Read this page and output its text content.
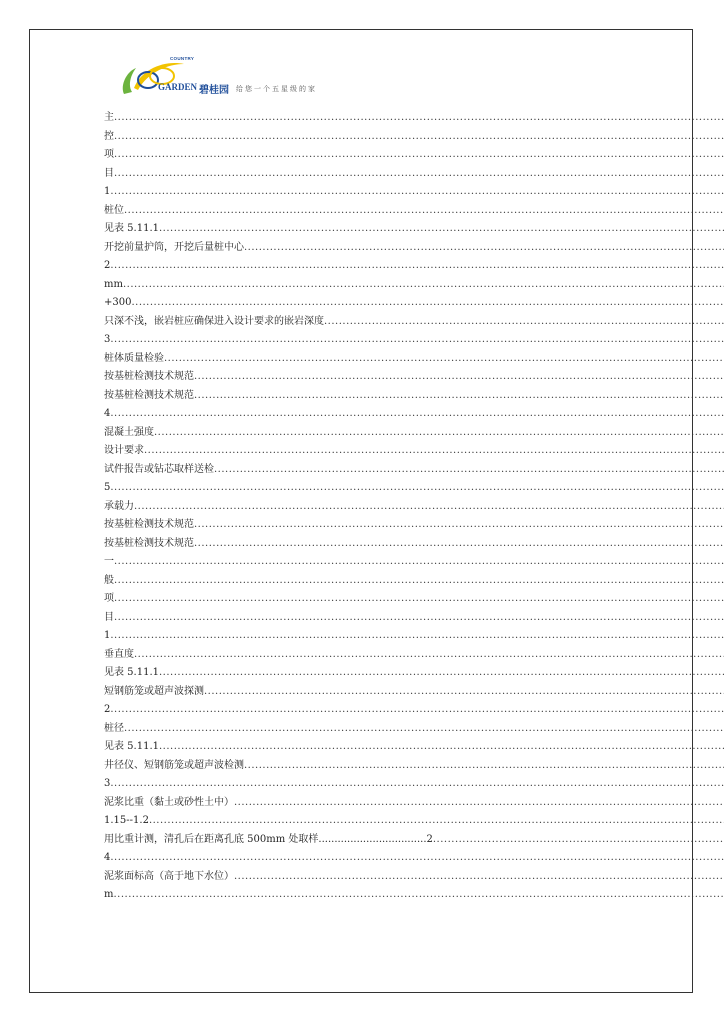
COUNTRY
GARDEN 碧桂园 给您一个五星级的家
主 .....
控 .....
项 .....
目 .....
1 .....
桩位 .....
见表 5.11.1 .....
开挖前量护筒，开挖后量桩中心 .....
2 .....
mm .....
+300 .....
只深不浅，嵌岩桩应确保进入设计要求的嵌岩深度 .....
3 .....
桩体质量检验 .....
按基桩检测技术规范 .....
按基桩检测技术规范 .....
4 .....
混凝土强度 .....
设计要求 .....
试件报告或钻芯取样送检 .....
5 .....
承载力 .....
按基桩检测技术规范 .....
按基桩检测技术规范 .....
一 .....
般 .....
项 .....
目 .....
1 .....
垂直度 .....
见表 5.11.1 .....
短钢筋笼或超声波探测 .....
2 .....
桩径 .....
见表 5.11.1 .....
井径仪、短钢筋笼或超声波检测 .....
3 .....
泥浆比重（黏土或砂性土中） .....
1.15--1.2 .....
用比重计测，清孔后在距离孔底 500mm 处取样..................................2 .....
4 .....
泥浆面标高（高于地下水位） .....
m .....
